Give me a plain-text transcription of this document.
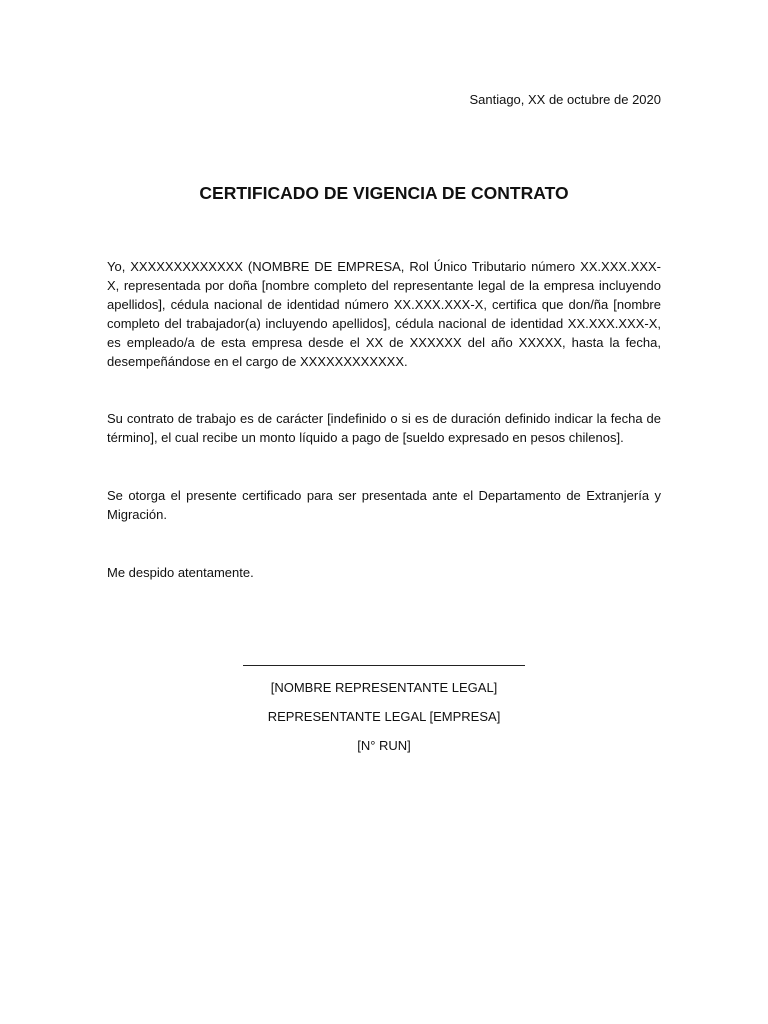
Santiago, XX de octubre de 2020
CERTIFICADO DE VIGENCIA DE CONTRATO

Yo, XXXXXXXXXXXXX (NOMBRE DE EMPRESA, Rol Único Tributario número XX.XXX.XXX-X, representada por doña [nombre completo del representante legal de la empresa incluyendo apellidos], cédula nacional de identidad número XX.XXX.XXX-X, certifica que don/ña [nombre completo del trabajador(a) incluyendo apellidos], cédula nacional de identidad XX.XXX.XXX-X, es empleado/a de esta empresa desde el XX de XXXXXX del año XXXXX, hasta la fecha, desempeñándose en el cargo de XXXXXXXXXXXX.

Su contrato de trabajo es de carácter [indefinido o si es de duración definido indicar la fecha de término], el cual recibe un monto líquido a pago de [sueldo expresado en pesos chilenos].

Se otorga el presente certificado para ser presentada ante el Departamento de Extranjería y Migración.

Me despido atentamente.

[NOMBRE REPRESENTANTE LEGAL]

REPRESENTANTE LEGAL [EMPRESA]

[N° RUN]
